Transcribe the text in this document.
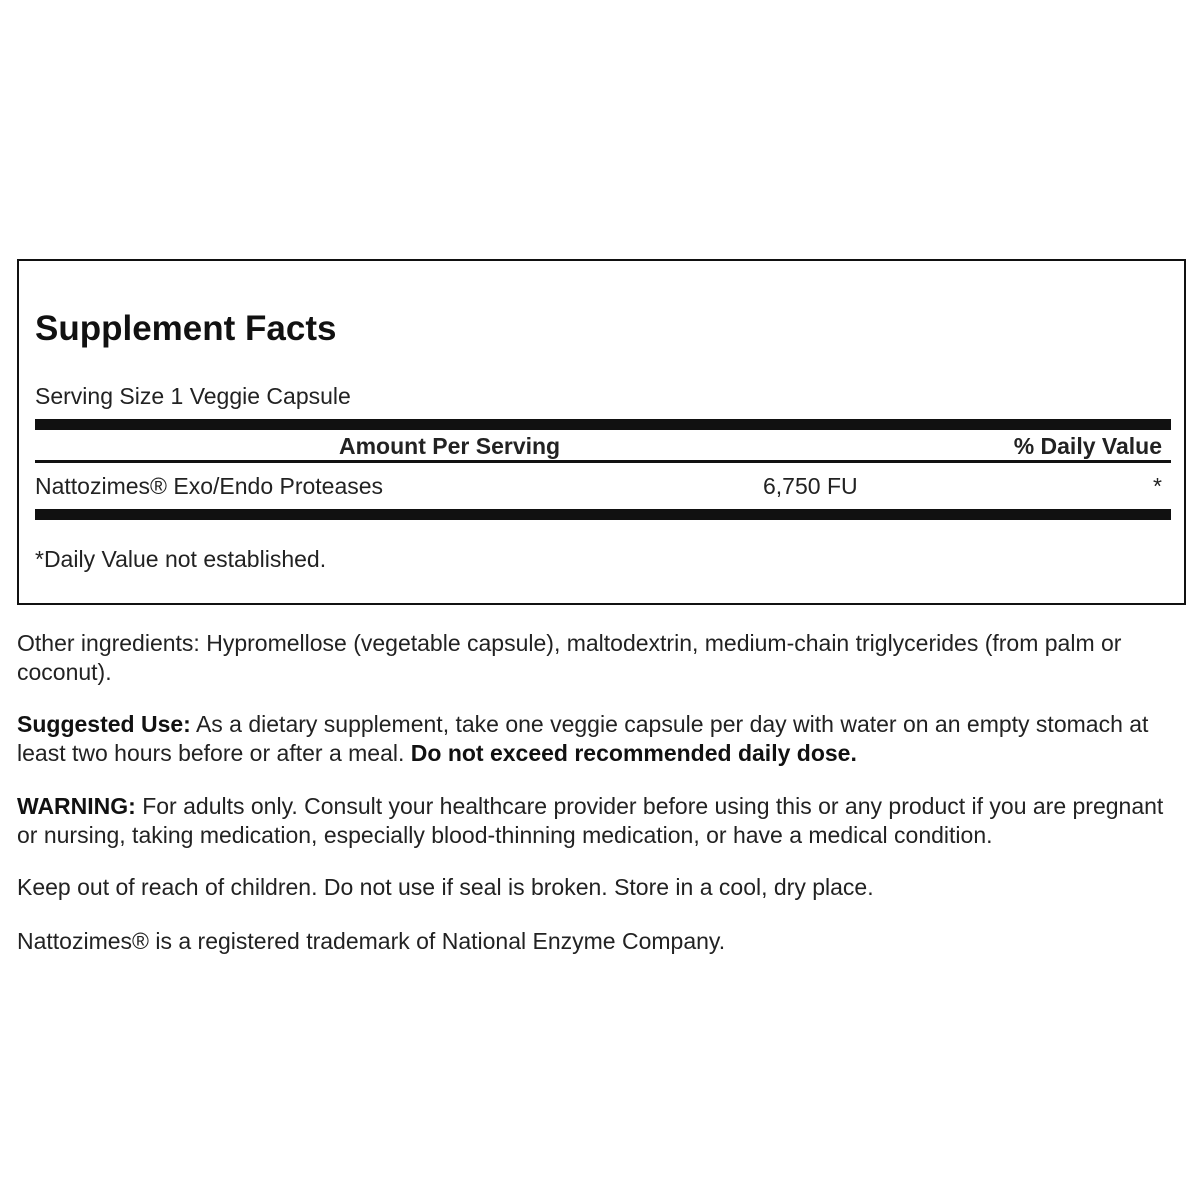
Supplement Facts
Serving Size 1 Veggie Capsule
Amount Per Serving	% Daily Value
Nattozimes® Exo/Endo Proteases	6,750 FU	*
*Daily Value not established.
Other ingredients: Hypromellose (vegetable capsule), maltodextrin, medium-chain triglycerides (from palm or coconut).
Suggested Use: As a dietary supplement, take one veggie capsule per day with water on an empty stomach at least two hours before or after a meal. Do not exceed recommended daily dose.
WARNING: For adults only. Consult your healthcare provider before using this or any product if you are pregnant or nursing, taking medication, especially blood-thinning medication, or have a medical condition.
Keep out of reach of children. Do not use if seal is broken. Store in a cool, dry place.
Nattozimes® is a registered trademark of National Enzyme Company.
